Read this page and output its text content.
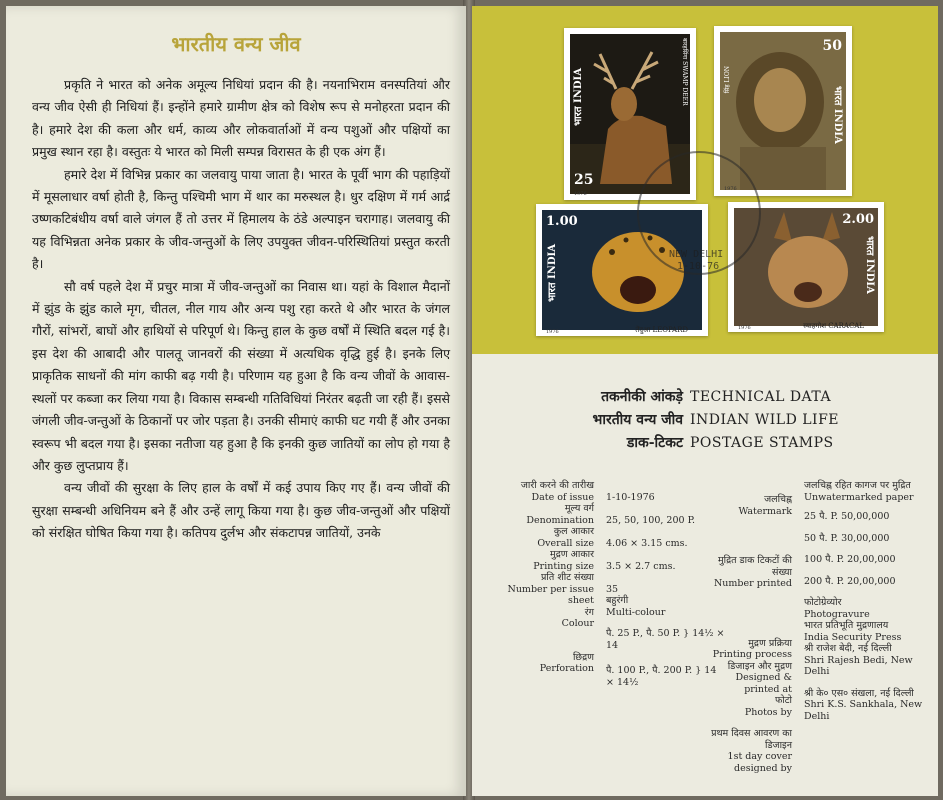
भारतीय वन्य जीव

प्रकृति ने भारत को अनेक अमूल्य निधियां प्रदान की है। नयनाभिराम वनस्पतियां और वन्य जीव ऐसी ही निधियां हैं। इन्होंने हमारे ग्रामीण क्षेत्र को विशेष रूप से मनोहरता प्रदान की है। हमारे देश की कला और धर्म, काव्य और लोकवार्ताओं में वन्य पशुओं और पक्षियों का प्रमुख स्थान रहा है। वस्तुतः ये भारत को मिली सम्पन्न विरासत के ही एक अंग हैं।

हमारे देश में विभिन्न प्रकार का जलवायु पाया जाता है। भारत के पूर्वी भाग की पहाड़ियों में मूसलाधार वर्षा होती है, किन्तु पश्चिमी भाग में थार का मरुस्थल है। धुर दक्षिण में गर्म आर्द्र उष्णकटिबंधीय वर्षा वाले जंगल हैं तो उत्तर में हिमालय के ठंडे अल्पाइन चरागाह। जलवायु की यह विभिन्नता अनेक प्रकार के जीव-जन्तुओं के लिए उपयुक्त जीवन-परिस्थितियां प्रस्तुत करती है।

सौ वर्ष पहले देश में प्रचुर मात्रा में जीव-जन्तुओं का निवास था। यहां के विशाल मैदानों में झुंड के झुंड काले मृग, चीतल, नील गाय और अन्य पशु रहा करते थे और भारत के जंगल गौरों, सांभरों, बाघों और हाथियों से परिपूर्ण थे। किन्तु हाल के कुछ वर्षों में स्थिति बदल गई है। इस देश की आबादी और पालतू जानवरों की संख्या में अत्यधिक वृद्धि हुई है। इनके लिए प्राकृतिक साधनों की मांग काफी बढ़ गयी है। परिणाम यह हुआ है कि वन्य जीवों के आवास-स्थलों पर कब्जा कर लिया गया है। विकास सम्बन्धी गतिविधियां निरंतर बढ़ती जा रही हैं। इससे जंगली जीव-जन्तुओं के ठिकानों पर जोर पड़ता है। उनकी सीमाएं काफी घट गयी हैं और उनका स्वरूप भी बदल गया है। इसका नतीजा यह हुआ है कि इनकी कुछ जातियों का लोप हो गया है और कुछ लुप्तप्राय हैं।

वन्य जीवों की सुरक्षा के लिए हाल के वर्षों में कई उपाय किए गए हैं। वन्य जीवों की सुरक्षा सम्बन्धी अधिनियम बने हैं और उन्हें लागू किया गया है। कुछ जीव-जन्तुओं और पक्षियों को संरक्षित घोषित किया गया है। कतिपय दुर्लभ और संकटापन्न जातियों, उनके

भारत INDIA
25
बारहसिंगा SWAMP DEER
1976
50
भारत INDIA
सिंह LION
1976
1.00
भारत INDIA
तेंदुआ LEOPARD
1976
2.00
भारत INDIA
स्याहगोश CARACAL
1976
NEW DELHI
1-10-76
तकनीकी आंकड़े TECHNICAL DATA
भारतीय वन्य जीव INDIAN WILD LIFE
डाक-टिकट POSTAGE STAMPS
जारी करने की तारीख
Date of issue
मूल्य वर्ग
Denomination
कुल आकार
Overall size
मुद्रण आकार
Printing size
प्रति शीट संख्या
Number per issue sheet
रंग
Colour
छिद्रण
Perforation
1-10-1976
25, 50, 100, 200 P.
4.06 × 3.15 cms.
3.5 × 2.7 cms.
35
बहुरंगी
Multi-colour
पै. 25 P., पै. 50 P. } 14½ × 14
पै. 100 P., पै. 200 P. } 14 × 14½
जलचिह्न
Watermark
मुद्रित डाक टिकटों की संख्या
Number printed
मुद्रण प्रक्रिया
Printing process
डिजाइन और मुद्रण
Designed & printed at
फोटो
Photos by
प्रथम दिवस आवरण का डिजाइन
1st day cover designed by
जलचिह्न रहित कागज पर मुद्रित
Unwatermarked paper
25 पै. P. 50,00,000
50 पै. P. 30,00,000
100 पै. P. 20,00,000
200 पै. P. 20,00,000
फोटोग्रेव्योर
Photogravure
भारत प्रतिभूति मुद्रणालय
India Security Press
श्री राजेश बेदी, नई दिल्ली
Shri Rajesh Bedi, New Delhi
श्री के० एस० संखला, नई दिल्ली
Shri K.S. Sankhala, New Delhi
